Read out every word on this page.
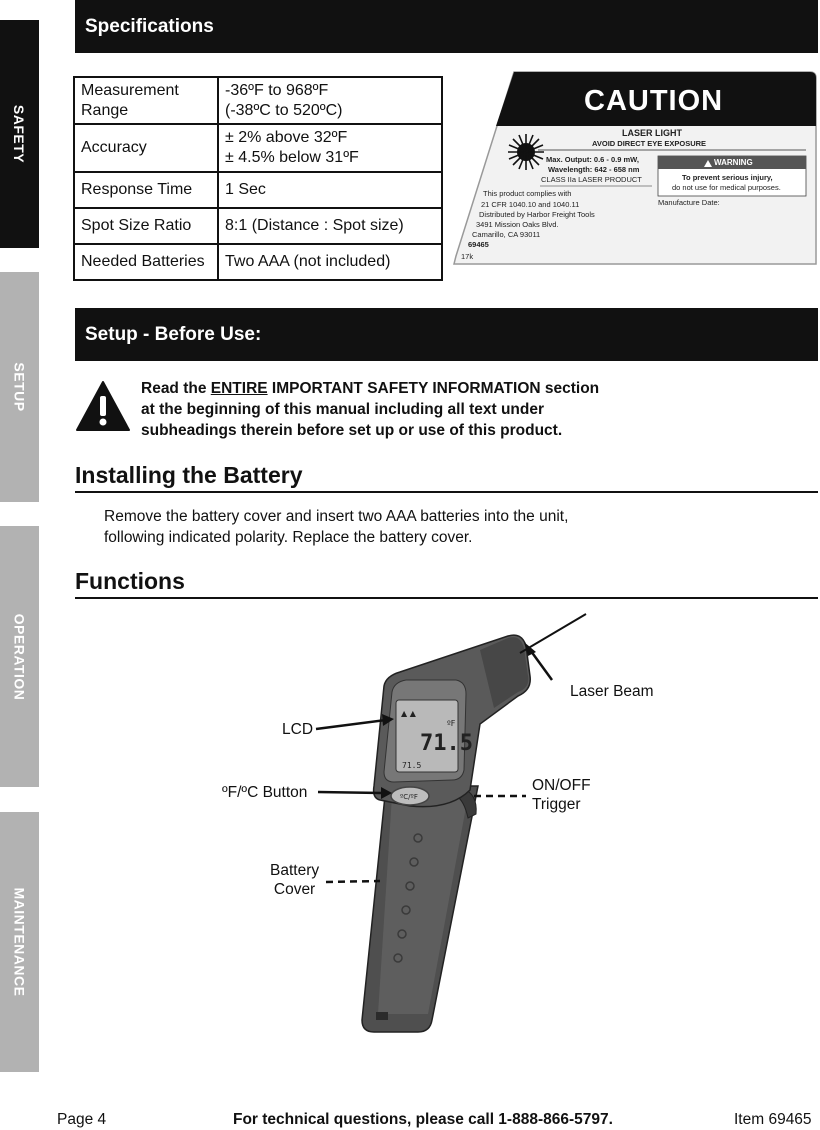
SAFETY
SETUP
OPERATION
MAINTENANCE
Specifications
Measurement
Range	-36ºF to 968ºF
(-38ºC to 520ºC)
Accuracy	± 2% above 32ºF
± 4.5% below 31ºF
Response Time	1 Sec
Spot Size Ratio	8:1 (Distance : Spot size)
Needed Batteries	Two AAA (not included)
CAUTION
LASER LIGHT
AVOID DIRECT EYE EXPOSURE
Max. Output: 0.6 - 0.9 mW,
Wavelength: 642 - 658 nm
CLASS IIa LASER PRODUCT
WARNING
To prevent serious injury,
do not use for medical purposes.
Manufacture Date:
This product complies with
21 CFR 1040.10 and 1040.11
Distributed by Harbor Freight Tools
3491 Mission Oaks Blvd.
Camarillo, CA 93011
69465
17k
Setup - Before Use:
Read the ENTIRE IMPORTANT SAFETY INFORMATION section
at the beginning of this manual including all text under
subheadings therein before set up or use of this product.
Installing the Battery
Remove the battery cover and insert two AAA batteries into the unit,
following indicated polarity. Replace the battery cover.
Functions
▲ ▲
ºF
71.5
71.5
ºC/ºF
Laser Beam
LCD
ºF/ºC Button	ON/OFF
Trigger
Battery
Cover
Page 4	For technical questions, please call 1-888-866-5797.	Item 69465
